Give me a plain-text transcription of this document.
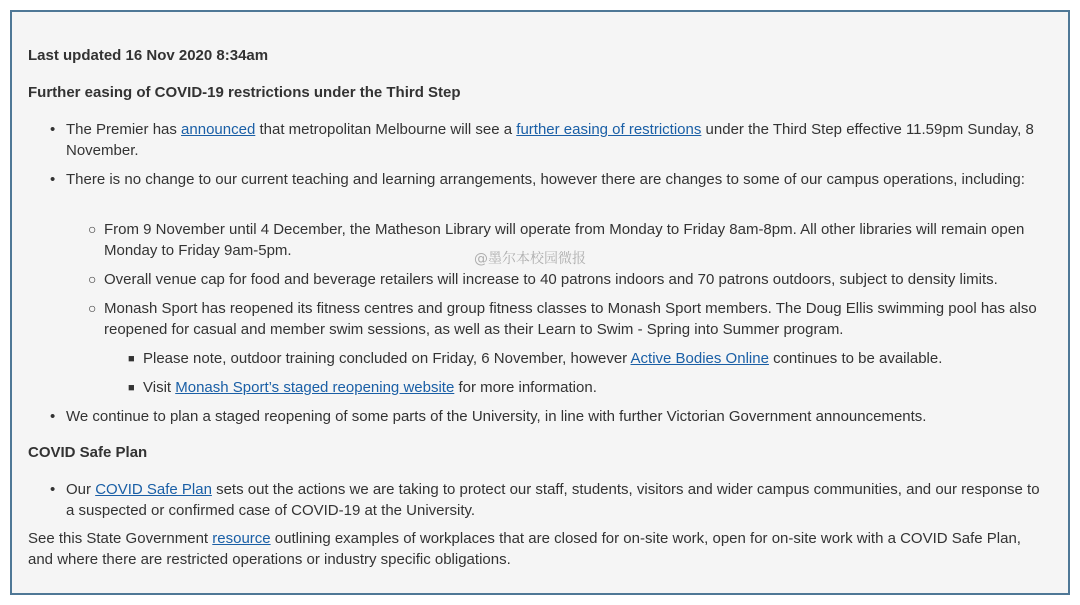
Last updated 16 Nov 2020 8:34am

Further easing of COVID-19 restrictions under the Third Step

• The Premier has announced that metropolitan Melbourne will see a further easing of restrictions under the Third Step effective 11.59pm Sunday, 8 November.
• There is no change to our current teaching and learning arrangements, however there are changes to some of our campus operations, including:
○ From 9 November until 4 December, the Matheson Library will operate from Monday to Friday 8am-8pm. All other libraries will remain open Monday to Friday 9am-5pm.	@墨尔本校园微报
○ Overall venue cap for food and beverage retailers will increase to 40 patrons indoors and 70 patrons outdoors, subject to density limits.
○ Monash Sport has reopened its fitness centres and group fitness classes to Monash Sport members. The Doug Ellis swimming pool has also reopened for casual and member swim sessions, as well as their Learn to Swim - Spring into Summer program.
■ Please note, outdoor training concluded on Friday, 6 November, however Active Bodies Online continues to be available.
■ Visit Monash Sport’s staged reopening website for more information.
• We continue to plan a staged reopening of some parts of the University, in line with further Victorian Government announcements.

COVID Safe Plan

• Our COVID Safe Plan sets out the actions we are taking to protect our staff, students, visitors and wider campus communities, and our response to a suspected or confirmed case of COVID-19 at the University.
See this State Government resource outlining examples of workplaces that are closed for on-site work, open for on-site work with a COVID Safe Plan, and where there are restricted operations or industry specific obligations.
